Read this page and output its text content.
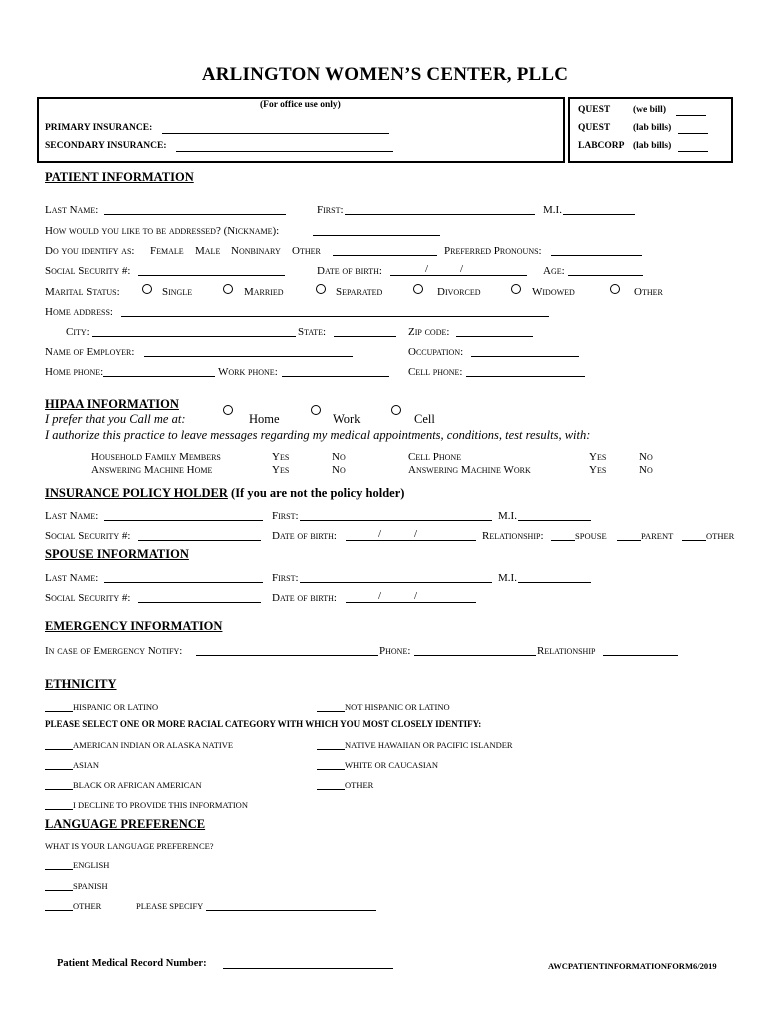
ARLINGTON WOMEN’S CENTER, PLLC
(For office use only)
PRIMARY INSURANCE:
SECONDARY INSURANCE:
QUEST (we bill)
QUEST (lab bills)
LABCORP (lab bills)
PATIENT INFORMATION
Last Name:	First:	M.I.
How would you like to be addressed? (Nickname):
Do you identify as: Female Male Nonbinary Other	Preferred Pronouns:
Social Security #:	Date of birth:	/	/	Age:
Marital Status:	Single	Married	Separated	Divorced	Widowed	Other
Home address:
City:	State:	Zip code:
Name of Employer:	Occupation:
Home phone:	Work phone:	Cell phone:
HIPAA INFORMATION
I prefer that you Call me at:	Home	Work	Cell
I authorize this practice to leave messages regarding my medical appointments, conditions, test results, with:
Household Family Members	Yes	No	Cell Phone	Yes	No
Answering Machine Home	Yes	No	Answering Machine Work	Yes	No
INSURANCE POLICY HOLDER (If you are not the policy holder)
Last Name:	First:	M.I.
Social Security #:	Date of birth:	/	/	Relationship:	SPOUSE	PARENT	OTHER
SPOUSE INFORMATION
Last Name:	First:	M.I.
Social Security #:	Date of birth:	/	/
EMERGENCY INFORMATION
In case of Emergency Notify:	Phone:	Relationship
ETHNICITY
HISPANIC OR LATINO	NOT HISPANIC OR LATINO
PLEASE SELECT ONE OR MORE RACIAL CATEGORY WITH WHICH YOU MOST CLOSELY IDENTIFY:
AMERICAN INDIAN OR ALASKA NATIVE	NATIVE HAWAIIAN OR PACIFIC ISLANDER
ASIAN	WHITE OR CAUCASIAN
BLACK OR AFRICAN AMERICAN	OTHER
I DECLINE TO PROVIDE THIS INFORMATION
LANGUAGE PREFERENCE
WHAT IS YOUR LANGUAGE PREFERENCE?
ENGLISH
SPANISH
OTHER	PLEASE SPECIFY
Patient Medical Record Number:	AWCPATIENTINFORMATIONFORM6/2019
